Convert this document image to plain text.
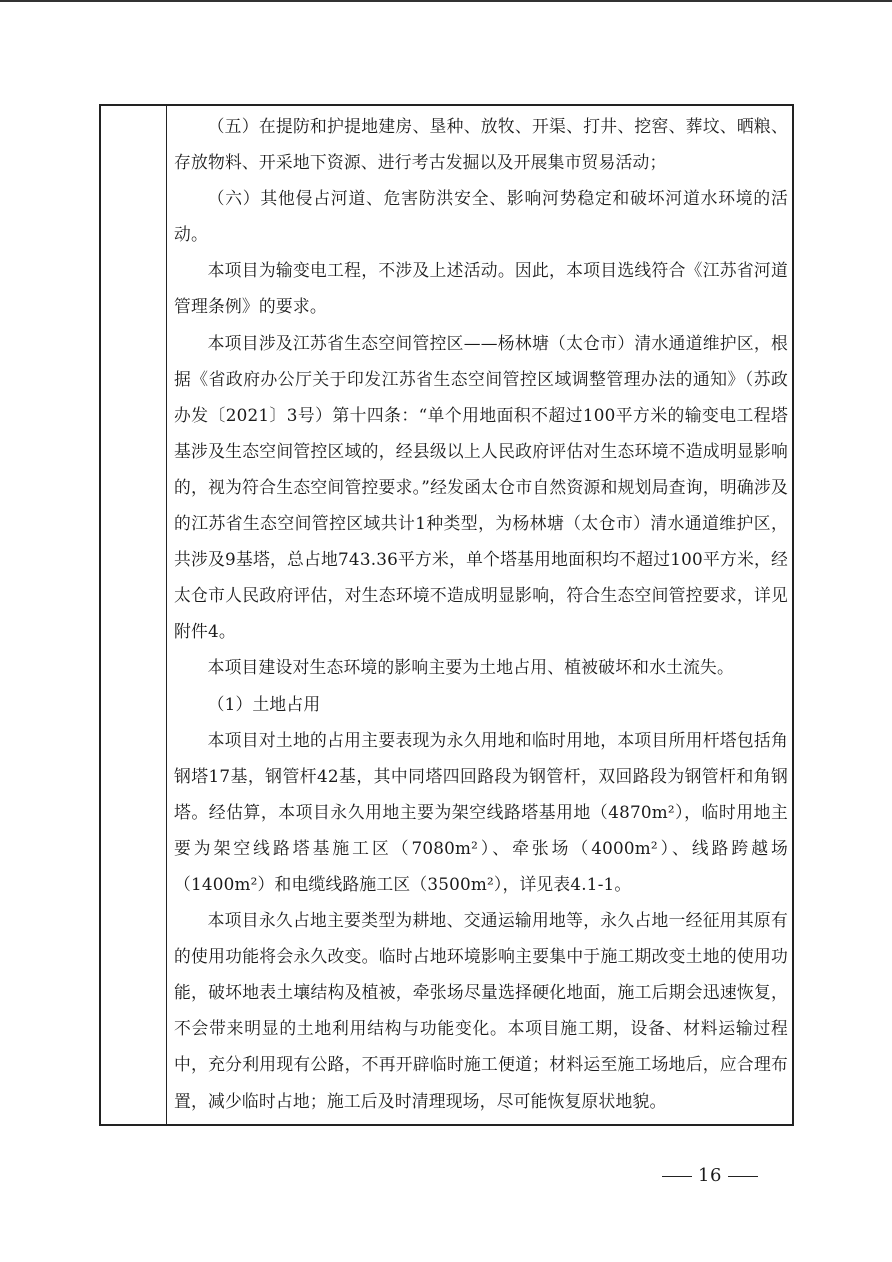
（五）在提防和护提地建房、垦种、放牧、开渠、打井、挖窖、葬坟、晒粮、存放物料、开采地下资源、进行考古发掘以及开展集市贸易活动；

（六）其他侵占河道、危害防洪安全、影响河势稳定和破坏河道水环境的活动。

本项目为输变电工程，不涉及上述活动。因此，本项目选线符合《江苏省河道管理条例》的要求。

本项目涉及江苏省生态空间管控区——杨林塘（太仓市）清水通道维护区，根据《省政府办公厅关于印发江苏省生态空间管控区域调整管理办法的通知》（苏政办发〔2021〕3号）第十四条：“单个用地面积不超过100平方米的输变电工程塔基涉及生态空间管控区域的，经县级以上人民政府评估对生态环境不造成明显影响的，视为符合生态空间管控要求。”经发函太仓市自然资源和规划局查询，明确涉及的江苏省生态空间管控区域共计1种类型，为杨林塘（太仓市）清水通道维护区，共涉及9基塔，总占地743.36平方米，单个塔基用地面积均不超过100平方米，经太仓市人民政府评估，对生态环境不造成明显影响，符合生态空间管控要求，详见附件4。

本项目建设对生态环境的影响主要为土地占用、植被破坏和水土流失。

（1）土地占用

本项目对土地的占用主要表现为永久用地和临时用地，本项目所用杆塔包括角钢塔17基，钢管杆42基，其中同塔四回路段为钢管杆，双回路段为钢管杆和角钢塔。经估算，本项目永久用地主要为架空线路塔基用地（4870m²），临时用地主要为架空线路塔基施工区（7080m²）、牵张场（4000m²）、线路跨越场（1400m²）和电缆线路施工区（3500m²），详见表4.1-1。

本项目永久占地主要类型为耕地、交通运输用地等，永久占地一经征用其原有的使用功能将会永久改变。临时占地环境影响主要集中于施工期改变土地的使用功能，破坏地表土壤结构及植被，牵张场尽量选择硬化地面，施工后期会迅速恢复，不会带来明显的土地利用结构与功能变化。本项目施工期，设备、材料运输过程中，充分利用现有公路，不再开辟临时施工便道；材料运至施工场地后，应合理布置，减少临时占地；施工后及时清理现场，尽可能恢复原状地貌。

16
